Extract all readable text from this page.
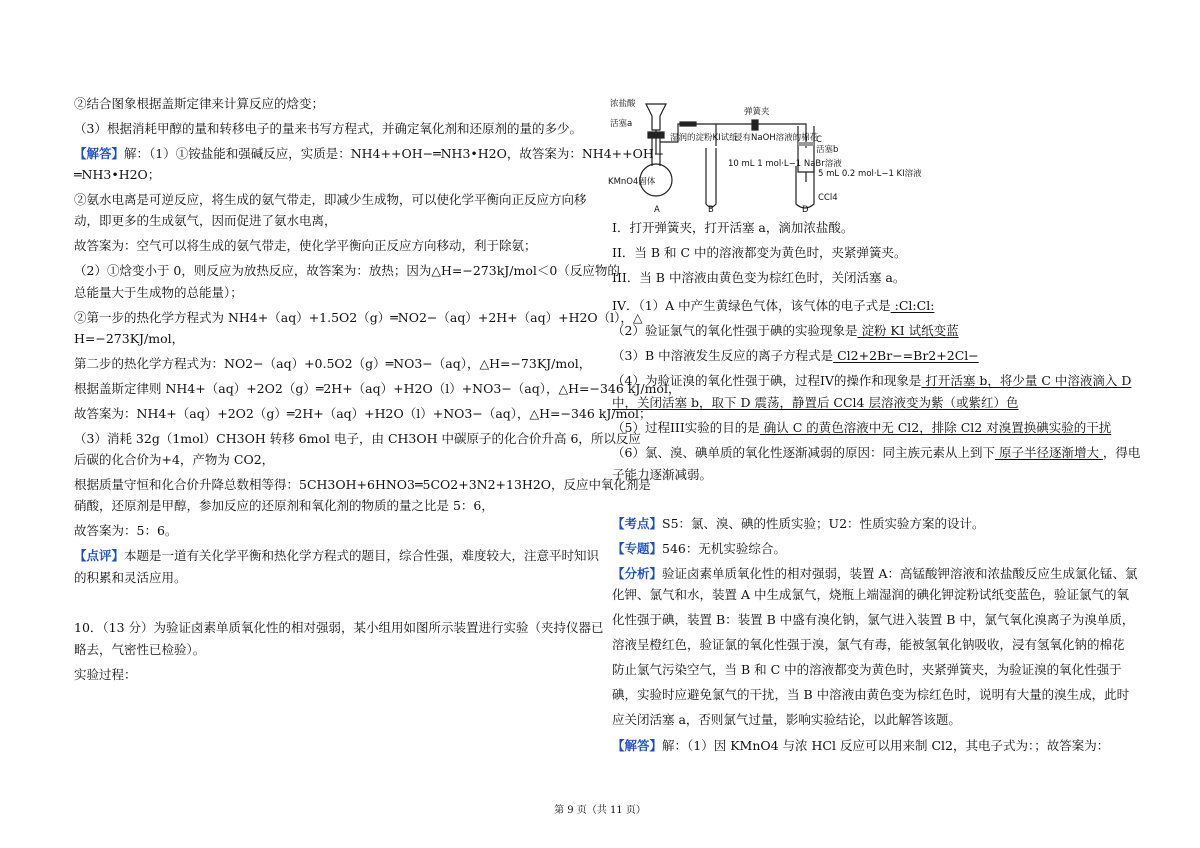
②结合图象根据盖斯定律来计算反应的焓变；
（3）根据消耗甲醇的量和转移电子的量来书写方程式，并确定氧化剂和还原剂的量的多少。
【解答】解：（1）①铵盐能和强碱反应，实质是：NH4++OH−═NH3•H2O，故答案为：NH4++OH−
═NH3•H2O；
②氨水电离是可逆反应，将生成的氨气带走，即减少生成物，可以使化学平衡向正反应方向移
动，即更多的生成氨气，因而促进了氨水电离，
故答案为：空气可以将生成的氨气带走，使化学平衡向正反应方向移动，利于除氨；
（2）①焓变小于 0，则反应为放热反应，故答案为：放热；因为△H=−273kJ/mol＜0（反应物的
总能量大于生成物的总能量）；
②第一步的热化学方程式为 NH4+（aq）+1.5O2（g）═NO2−（aq）+2H+（aq）+H2O（l），△
H=−273KJ/mol，
第二步的热化学方程式为：NO2−（aq）+0.5O2（g）═NO3−（aq），△H=−73KJ/mol，
根据盖斯定律则 NH4+（aq）+2O2（g）═2H+（aq）+H2O（l）+NO3−（aq），△H=−346 kJ/mol，
故答案为：NH4+（aq）+2O2（g）═2H+（aq）+H2O（l）+NO3−（aq），△H=−346 kJ/mol；
（3）消耗 32g（1mol）CH3OH 转移 6mol 电子，由 CH3OH 中碳原子的化合价升高 6，所以反应
后碳的化合价为+4，产物为 CO2，
根据质量守恒和化合价升降总数相等得：5CH3OH+6HNO3═5CO2+3N2+13H2O，反应中氧化剂是
硝酸，还原剂是甲醇，参加反应的还原剂和氧化剂的物质的量之比是 5：6，
故答案为：5：6。
【点评】本题是一道有关化学平衡和热化学方程式的题目，综合性强，难度较大，注意平时知识
的积累和灵活应用。
10．（13 分）为验证卤素单质氧化性的相对强弱，某小组用如图所示装置进行实验（夹持仪器已
略去，气密性已检验）。
实验过程：
I．打开弹簧夹，打开活塞 a，滴加浓盐酸。
II．当 B 和 C 中的溶液都变为黄色时，夹紧弹簧夹。
III．当 B 中溶液由黄色变为棕红色时，关闭活塞 a。
IV．（1）A 中产生黄绿色气体，该气体的电子式是 :Cl:Cl:
（2）验证氯气的氧化性强于碘的实验现象是 淀粉 KI 试纸变蓝
（3）B 中溶液发生反应的离子方程式是 Cl2+2Br−=Br2+2Cl−
（4）为验证溴的氧化性强于碘，过程IV的操作和现象是 打开活塞 b，将少量 C 中溶液滴入 D
中，关闭活塞 b，取下 D 震荡，静置后 CCl4 层溶液变为紫（或紫红）色
（5）过程III实验的目的是 确认 C 的黄色溶液中无 Cl2，排除 Cl2 对溴置换碘实验的干扰
（6）氯、溴、碘单质的氧化性逐渐减弱的原因：同主族元素从上到下 原子半径逐渐增大 ，得电
子能力逐渐减弱。
【考点】S5：氯、溴、碘的性质实验；U2：性质实验方案的设计。
【专题】546：无机实验综合。
【分析】验证卤素单质氧化性的相对强弱，装置 A：高锰酸钾溶液和浓盐酸反应生成氯化锰、氯
化钾、氯气和水，装置 A 中生成氯气，烧瓶上端湿润的碘化钾淀粉试纸变蓝色，验证氯气的氧
化性强于碘，装置 B：装置 B 中盛有溴化钠，氯气进入装置 B 中，氯气氧化溴离子为溴单质，
溶液呈橙红色，验证氯的氧化性强于溴，氯气有毒，能被氢氧化钠吸收，浸有氢氧化钠的棉花
防止氯气污染空气，当 B 和 C 中的溶液都变为黄色时，夹紧弹簧夹，为验证溴的氧化性强于
碘，实验时应避免氯气的干扰，当 B 中溶液由黄色变为棕红色时，说明有大量的溴生成，此时
应关闭活塞 a，否则氯气过量，影响实验结论，以此解答该题。
【解答】解：（1）因 KMnO4 与浓 HCl 反应可以用来制 Cl2，其电子式为：；故答案为：
浓盐酸
活塞a
弹簧夹
湿润的淀粉KI试纸
浸有NaOH溶液的棉花
活塞b
KMnO4固体
10 mL 1 mol·L−1 NaBr溶液
5 mL 0.2 mol·L−1 KI溶液
CCl4
A	B
C
D
第 9 页（共 11 页）
